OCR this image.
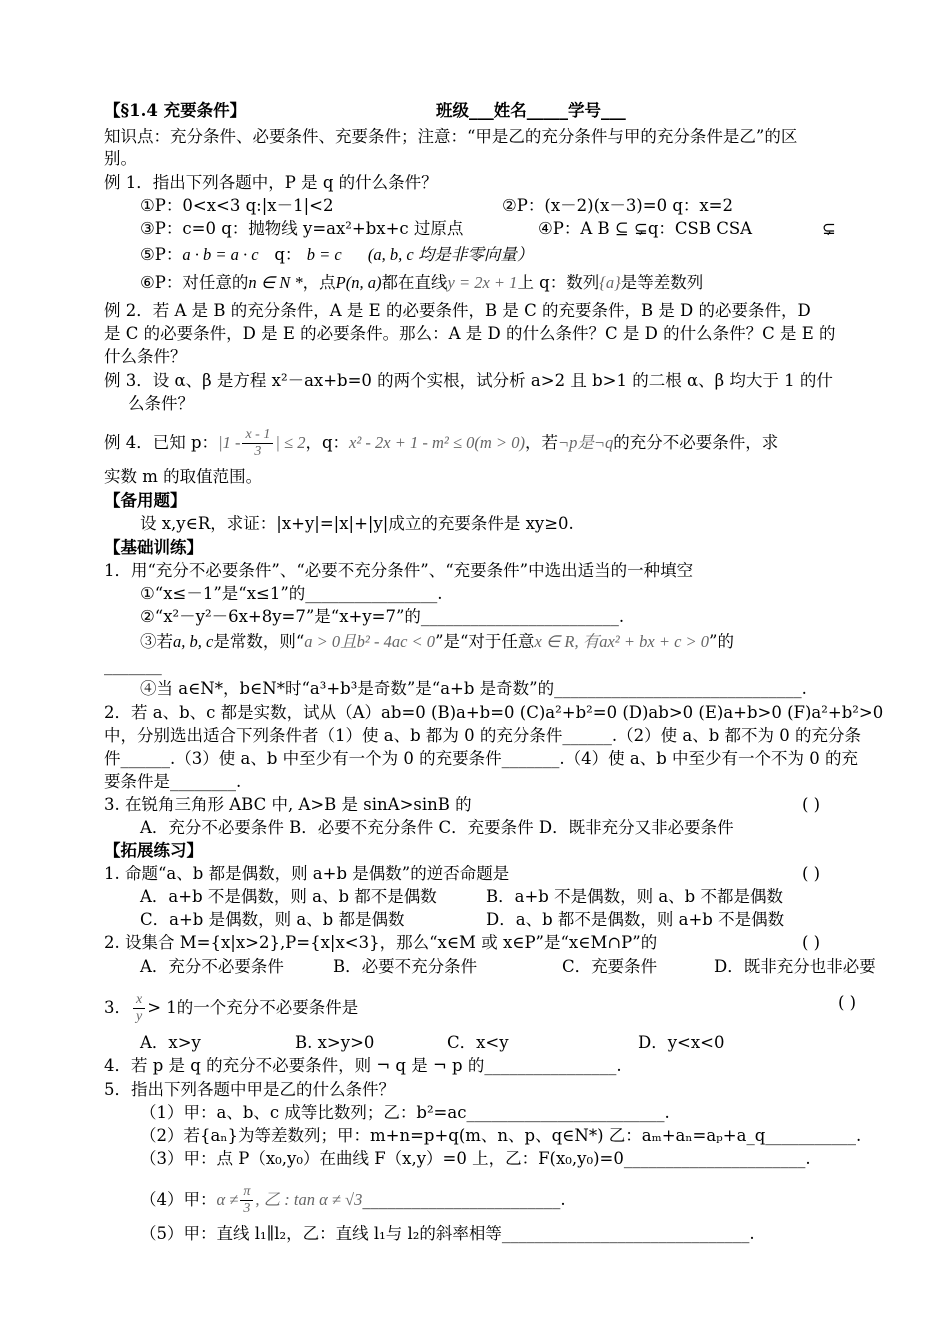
【§1.4 充要条件】	班级___姓名_____学号___
知识点：充分条件、必要条件、充要条件；注意：“甲是乙的充分条件与甲的充分条件是乙”的区
别。
例 1．指出下列各题中，P 是 q 的什么条件？
①P：0<x<3 q:|x－1|<2	②P：(x－2)(x－3)=0 q：x=2
③P：c=0 q：抛物线 y=ax²+bx+c 过原点	④P：A B ⊆ ⊊q：CSB CSA	⊊
⑤P：a · b = a · c q： b = c (a, b, c 均是非零向量）
⑥P：对任意的n ∈ N *，点P(n, a)都在直线y = 2x + 1上 q：数列{a}是等差数列
例 2．若 A 是 B 的充分条件，A 是 E 的必要条件，B 是 C 的充要条件，B 是 D 的必要条件，D
是 C 的必要条件，D 是 E 的必要条件。那么：A 是 D 的什么条件？C 是 D 的什么条件？C 是 E 的
什么条件？
例 3．设 α、β 是方程 x²－ax+b=0 的两个实根，试分析 a>2 且 b>1 的二根 α、β 均大于 1 的什
么条件？
例 4．已知 p：$|1 - \frac{x - 1}{3}$ | ≤ 2，q：x² - 2x + 1 - m² ≤ 0(m > 0)，若¬p是¬q的充分不必要条件，求
实数 m 的取值范围。
【备用题】
设 x,y∈R，求证：|x+y|=|x|+|y|成立的充要条件是 xy≥0.
【基础训练】
1．用“充分不必要条件”、“必要不充分条件”、“充要条件”中选出适当的一种填空
①“x≤－1”是“x≤1”的________________.
②“x²－y²－6x+8y=7”是“x+y=7”的________________________.
③若a, b, c是常数，则“a > 0且b² - 4ac < 0”是“对于任意x ∈ R, 有ax² + bx + c > 0”的
_______
④当 a∈N*，b∈N*时“a³+b³是奇数”是“a+b 是奇数”的______________________________.
2．若 a、b、c 都是实数，试从（A）ab=0 (B)a+b=0 (C)a²+b²=0 (D)ab>0 (E)a+b>0 (F)a²+b²>0
中，分别选出适合下列条件者（1）使 a、b 都为 0 的充分条件______.（2）使 a、b 都不为 0 的充分条
件______.（3）使 a、b 中至少有一个为 0 的充要条件_______.（4）使 a、b 中至少有一个不为 0 的充
要条件是________.
3. 在锐角三角形 ABC 中, A>B 是 sinA>sinB 的	( )
A．充分不必要条件 B．必要不充分条件 C．充要条件 D．既非充分又非必要条件
【拓展练习】
1. 命题“a、b 都是偶数，则 a+b 是偶数”的逆否命题是	( )
A．a+b 不是偶数，则 a、b 都不是偶数	B．a+b 不是偶数，则 a、b 不都是偶数
C．a+b 是偶数，则 a、b 都是偶数	D．a、b 都不是偶数，则 a+b 不是偶数
2. 设集合 M={x|x>2},P={x|x<3}，那么“x∈M 或 x∈P”是“x∈M∩P”的	( )
A．充分不必要条件	B．必要不充分条件	C．充要条件	D．既非充分也非必要
3． $\frac{x}{y} > 1$的一个充分不必要条件是	( )
A．x>y	B. x>y>0	C．x<y	D．y<x<0
4．若 p 是 q 的充分不必要条件，则 ¬ q 是 ¬ p 的________________.
5．指出下列各题中甲是乙的什么条件？
（1）甲：a、b、c 成等比数列；乙：b²=ac________________________.
（2）若{aₙ}为等差数列；甲：m+n=p+q(m、n、p、q∈N*) 乙：aₘ+aₙ=aₚ+a_q___________.
（3）甲：点 P（x₀,y₀）在曲线 F（x,y）=0 上，乙：F(x₀,y₀)=0______________________.
（4）甲：$\alpha \ne \frac{\pi}{3}$ , 乙 : tan α ≠ √3________________________.
（5）甲：直线 l₁∥l₂，乙：直线 l₁与 l₂的斜率相等______________________________.
